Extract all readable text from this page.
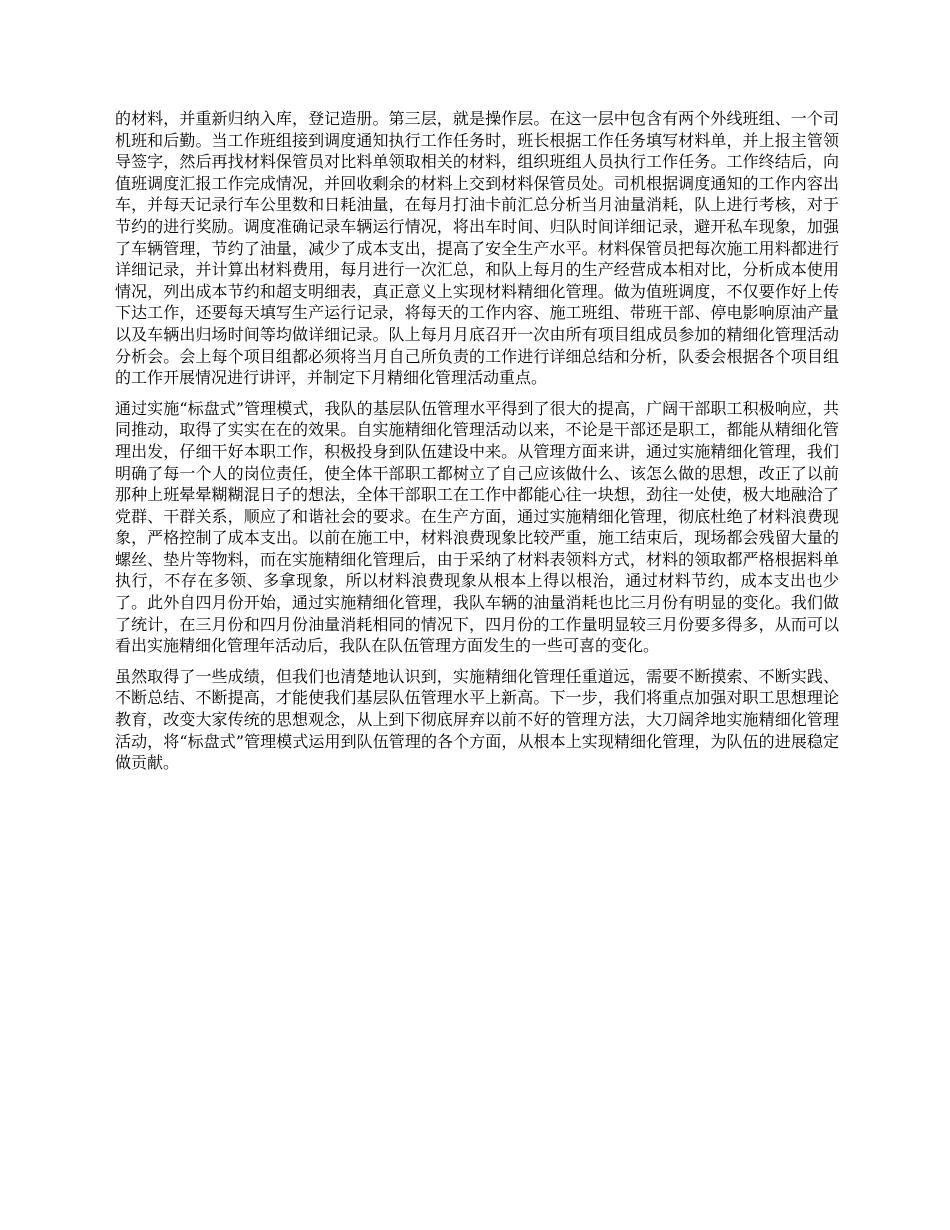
的材料，并重新归纳入库，登记造册。第三层，就是操作层。在这一层中包含有两个外线班组、一个司机班和后勤。当工作班组接到调度通知执行工作任务时，班长根据工作任务填写材料单，并上报主管领导签字，然后再找材料保管员对比料单领取相关的材料，组织班组人员执行工作任务。工作终结后，向值班调度汇报工作完成情况，并回收剩余的材料上交到材料保管员处。司机根据调度通知的工作内容出车，并每天记录行车公里数和日耗油量，在每月打油卡前汇总分析当月油量消耗，队上进行考核，对于节约的进行奖励。调度准确记录车辆运行情况，将出车时间、归队时间详细记录，避开私车现象，加强了车辆管理，节约了油量，减少了成本支出，提高了安全生产水平。材料保管员把每次施工用料都进行详细记录，并计算出材料费用，每月进行一次汇总，和队上每月的生产经营成本相对比，分析成本使用情况，列出成本节约和超支明细表，真正意义上实现材料精细化管理。做为值班调度，不仅要作好上传下达工作，还要每天填写生产运行记录，将每天的工作内容、施工班组、带班干部、停电影响原油产量以及车辆出归场时间等均做详细记录。队上每月月底召开一次由所有项目组成员参加的精细化管理活动分析会。会上每个项目组都必须将当月自己所负责的工作进行详细总结和分析，队委会根据各个项目组的工作开展情况进行讲评，并制定下月精细化管理活动重点。

通过实施“标盘式”管理模式，我队的基层队伍管理水平得到了很大的提高，广阔干部职工积极响应，共同推动，取得了实实在在的效果。自实施精细化管理活动以来，不论是干部还是职工，都能从精细化管理出发，仔细干好本职工作，积极投身到队伍建设中来。从管理方面来讲，通过实施精细化管理，我们明确了每一个人的岗位责任，使全体干部职工都树立了自己应该做什么、该怎么做的思想，改正了以前那种上班晕晕糊糊混日子的想法，全体干部职工在工作中都能心往一块想，劲往一处使，极大地融洽了党群、干群关系，顺应了和谐社会的要求。在生产方面，通过实施精细化管理，彻底杜绝了材料浪费现象，严格控制了成本支出。以前在施工中，材料浪费现象比较严重，施工结束后，现场都会残留大量的螺丝、垫片等物料，而在实施精细化管理后，由于采纳了材料表领料方式，材料的领取都严格根据料单执行，不存在多领、多拿现象，所以材料浪费现象从根本上得以根治，通过材料节约，成本支出也少了。此外自四月份开始，通过实施精细化管理，我队车辆的油量消耗也比三月份有明显的变化。我们做了统计，在三月份和四月份油量消耗相同的情况下，四月份的工作量明显较三月份要多得多，从而可以看出实施精细化管理年活动后，我队在队伍管理方面发生的一些可喜的变化。

虽然取得了一些成绩，但我们也清楚地认识到，实施精细化管理任重道远，需要不断摸索、不断实践、不断总结、不断提高，才能使我们基层队伍管理水平上新高。下一步，我们将重点加强对职工思想理论教育，改变大家传统的思想观念，从上到下彻底屏弃以前不好的管理方法，大刀阔斧地实施精细化管理活动，将“标盘式”管理模式运用到队伍管理的各个方面，从根本上实现精细化管理，为队伍的进展稳定做贡献。
